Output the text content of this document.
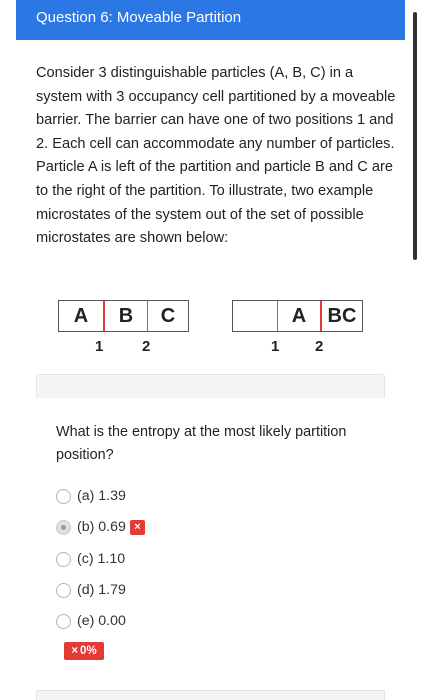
Question 6: Moveable Partition

Consider 3 distinguishable particles (A, B, C) in a system with 3 occupancy cell partitioned by a moveable barrier. The barrier can have one of two positions 1 and 2. Each cell can accommodate any number of particles. Particle A is left of the partition and particle B and C are to the right of the partition. To illustrate, two example microstates of the system out of the set of possible microstates are shown below:

A	B	C
1	2
A	BC
1 2

What is the entropy at the most likely partition position?

(a) 1.39
(b) 0.69 ×
(c) 1.10
(d) 1.79
(e) 0.00
× 0%
